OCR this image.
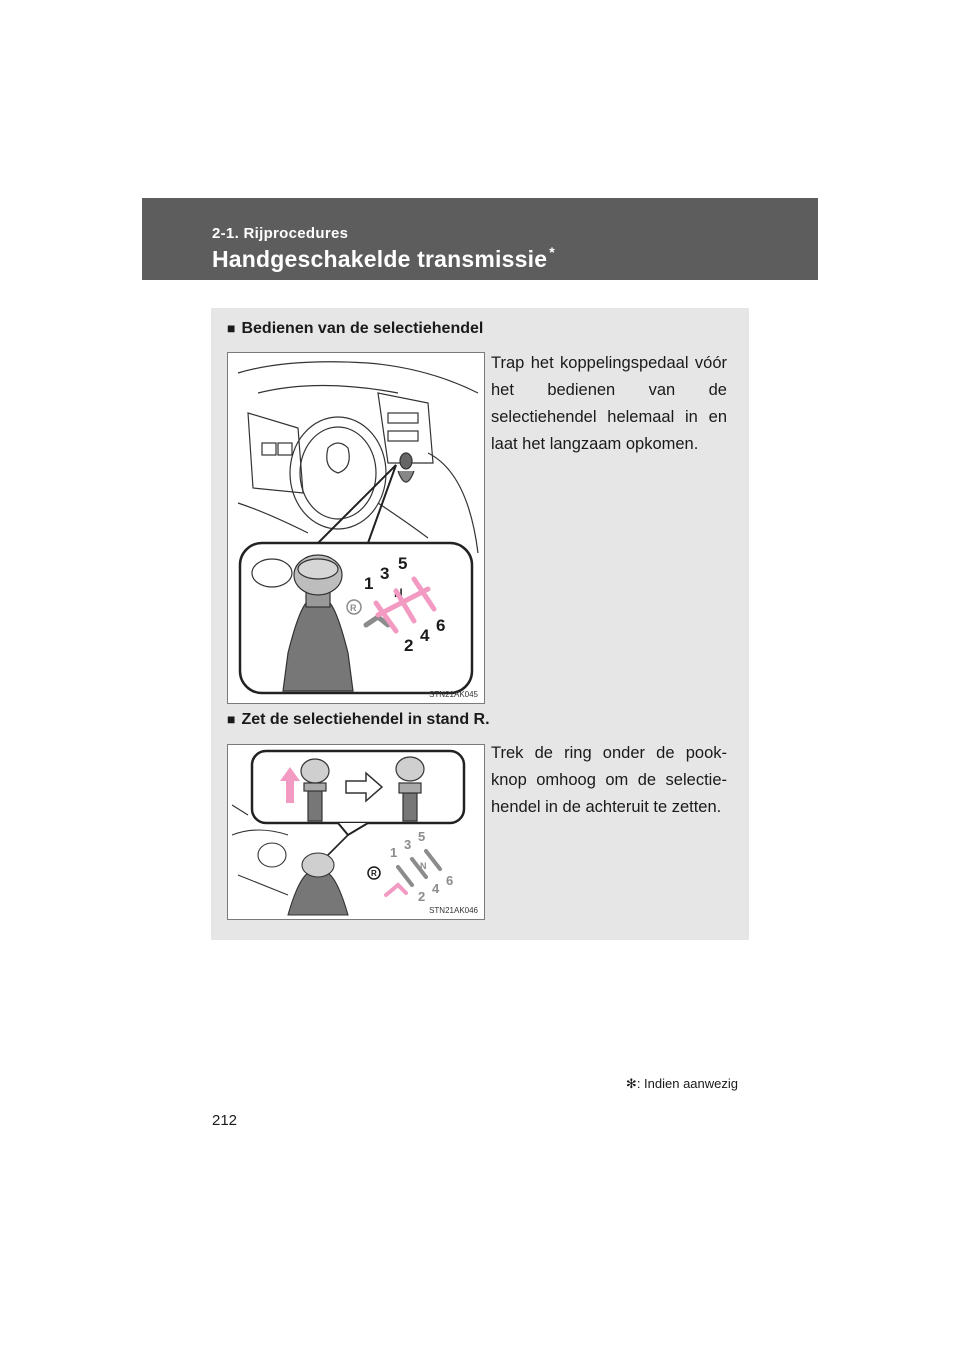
2-1. Rijprocedures
Handgeschakelde transmissie *
■ Bedienen van de selectiehendel
1
3
5
N
2
4
6
R
STN21AK045
Trap het koppelingspedaal vóór het bedienen van de selectiehendel helemaal in en laat het langzaam opkomen.
■ Zet de selectiehendel in stand R.
1
3
5
N
2
4
6
R
STN21AK046
Trek de ring onder de pook-knop omhoog om de selectie-hendel in de achteruit te zetten.
✻: Indien aanwezig
212
